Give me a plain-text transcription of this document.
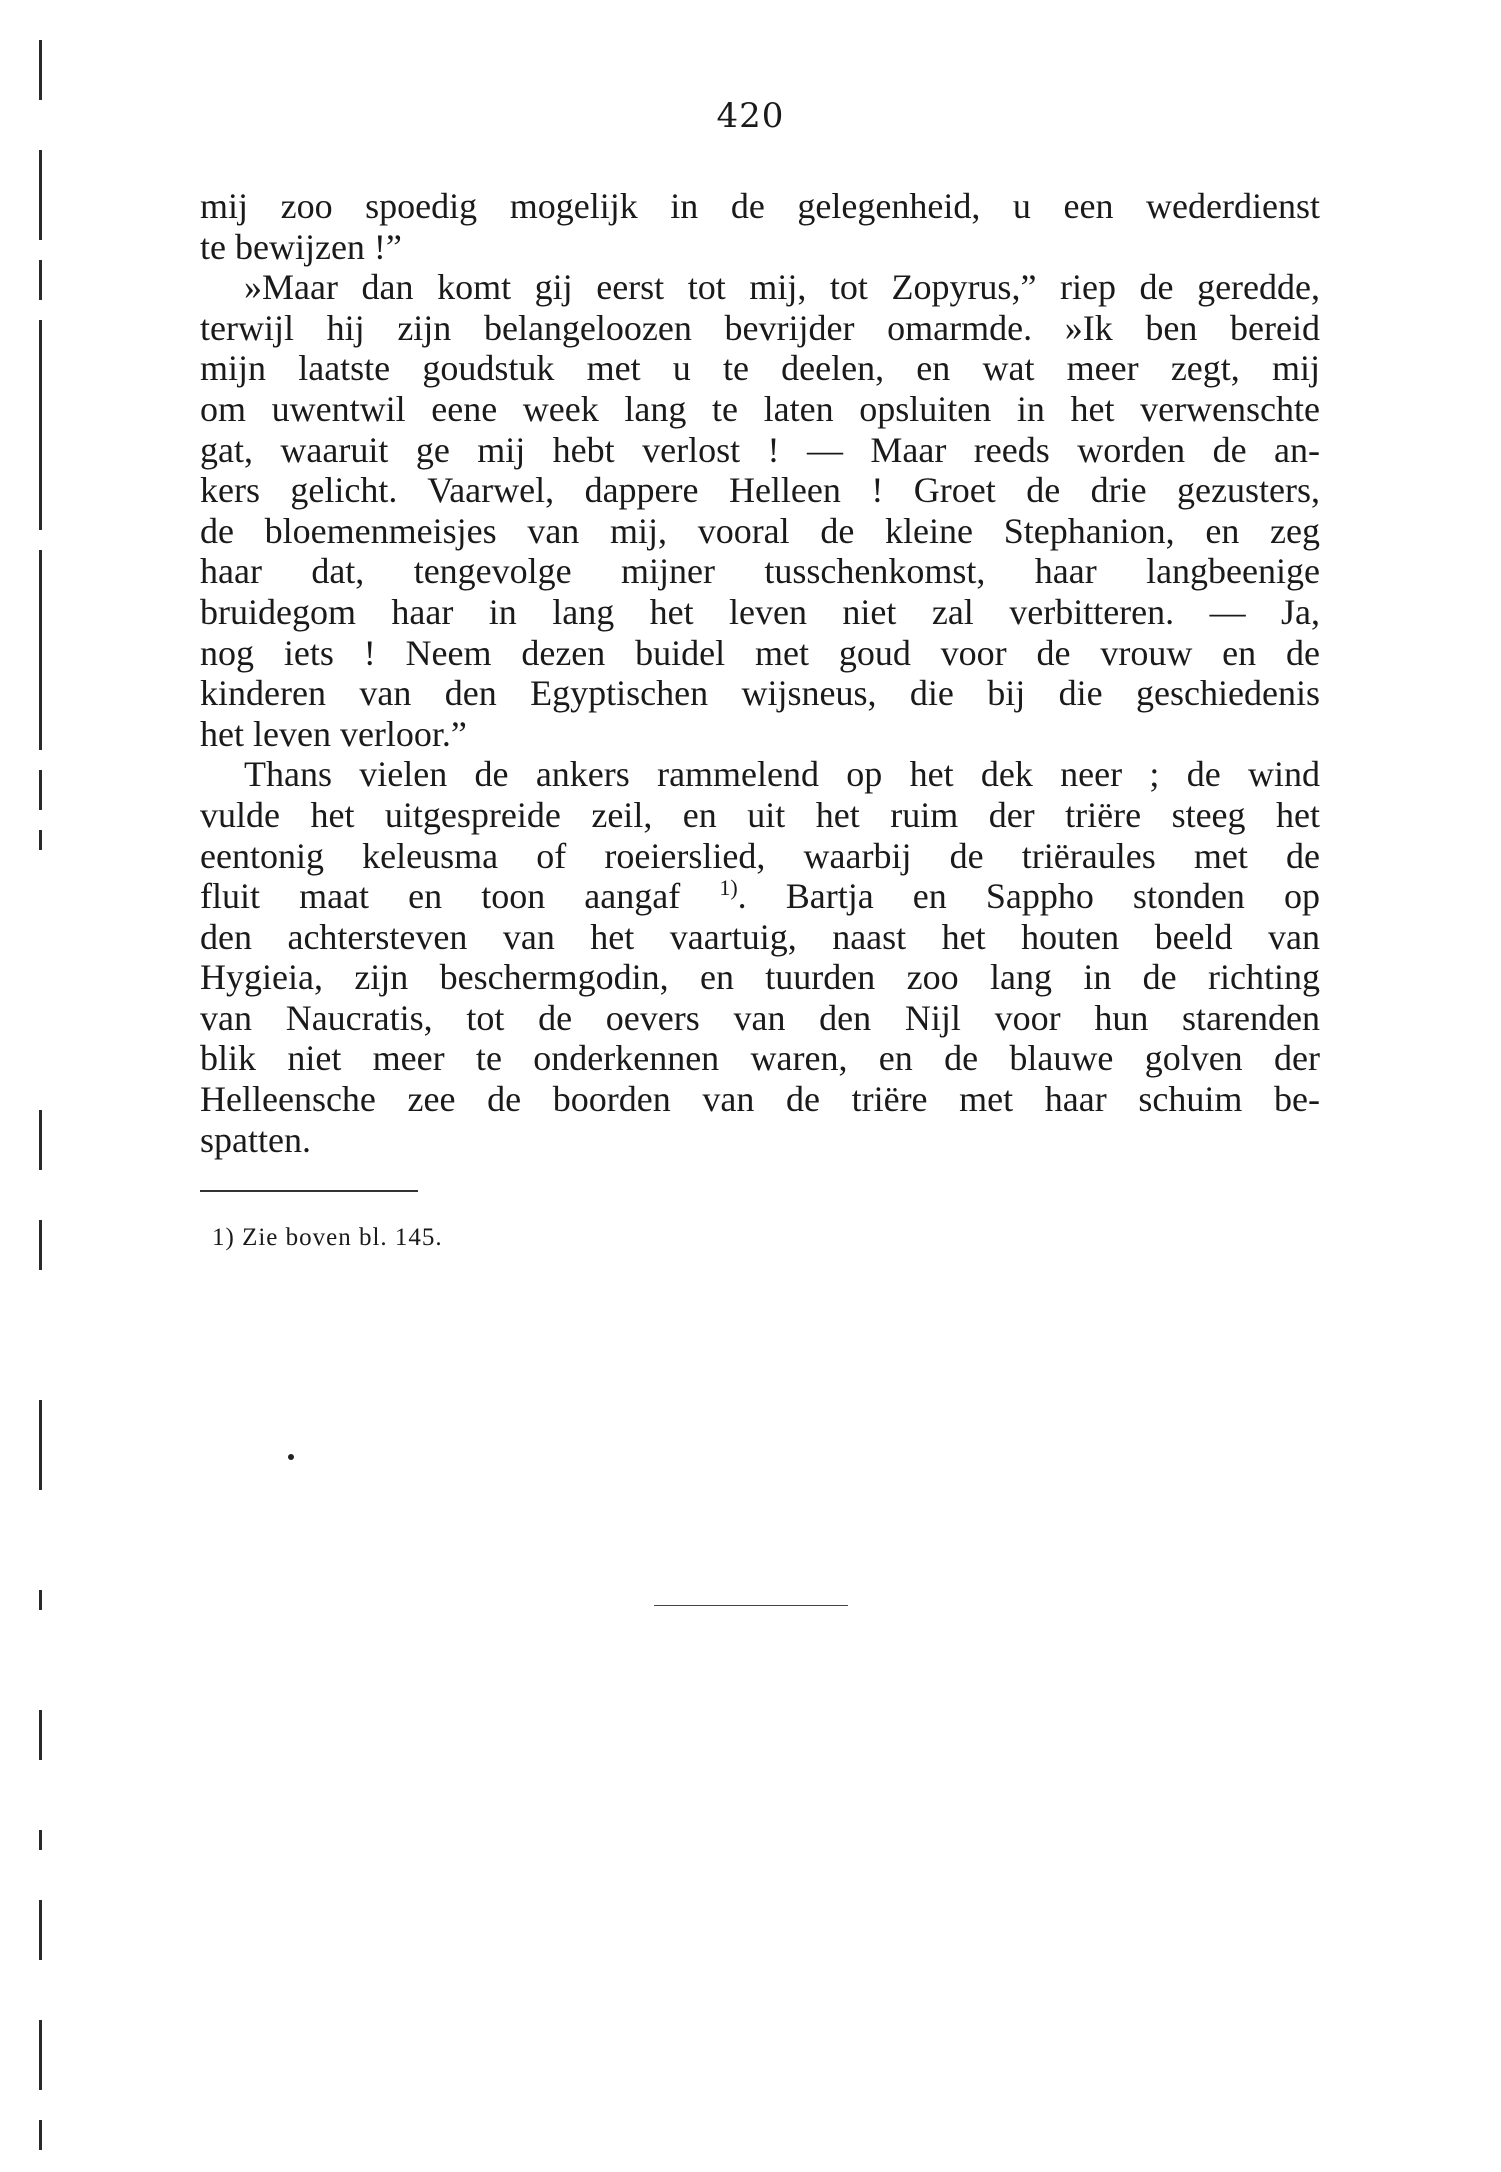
420
mij zoo spoedig mogelijk in de gelegenheid, u een wederdienst
te bewijzen !”
»Maar dan komt gij eerst tot mij, tot Zopyrus,” riep de geredde,
terwijl hij zijn belangeloozen bevrijder omarmde. »Ik ben bereid
mijn laatste goudstuk met u te deelen, en wat meer zegt, mij
om uwentwil eene week lang te laten opsluiten in het verwenschte
gat, waaruit ge mij hebt verlost ! — Maar reeds worden de an-
kers gelicht. Vaarwel, dappere Helleen ! Groet de drie gezusters,
de bloemenmeisjes van mij, vooral de kleine Stephanion, en zeg
haar dat, tengevolge mijner tusschenkomst, haar langbeenige
bruidegom haar in lang het leven niet zal verbitteren. — Ja,
nog iets ! Neem dezen buidel met goud voor de vrouw en de
kinderen van den Egyptischen wijsneus, die bij die geschiedenis
het leven verloor.”
Thans vielen de ankers rammelend op het dek neer ; de wind
vulde het uitgespreide zeil, en uit het ruim der triëre steeg het
eentonig keleusma of roeierslied, waarbij de triëraules met de
fluit maat en toon aangaf $^{1)}$. Bartja en Sappho stonden op
den achtersteven van het vaartuig, naast het houten beeld van
Hygieia, zijn beschermgodin, en tuurden zoo lang in de richting
van Naucratis, tot de oevers van den Nijl voor hun starenden
blik niet meer te onderkennen waren, en de blauwe golven der
Helleensche zee de boorden van de triëre met haar schuim be-
spatten.
1) Zie boven bl. 145.
